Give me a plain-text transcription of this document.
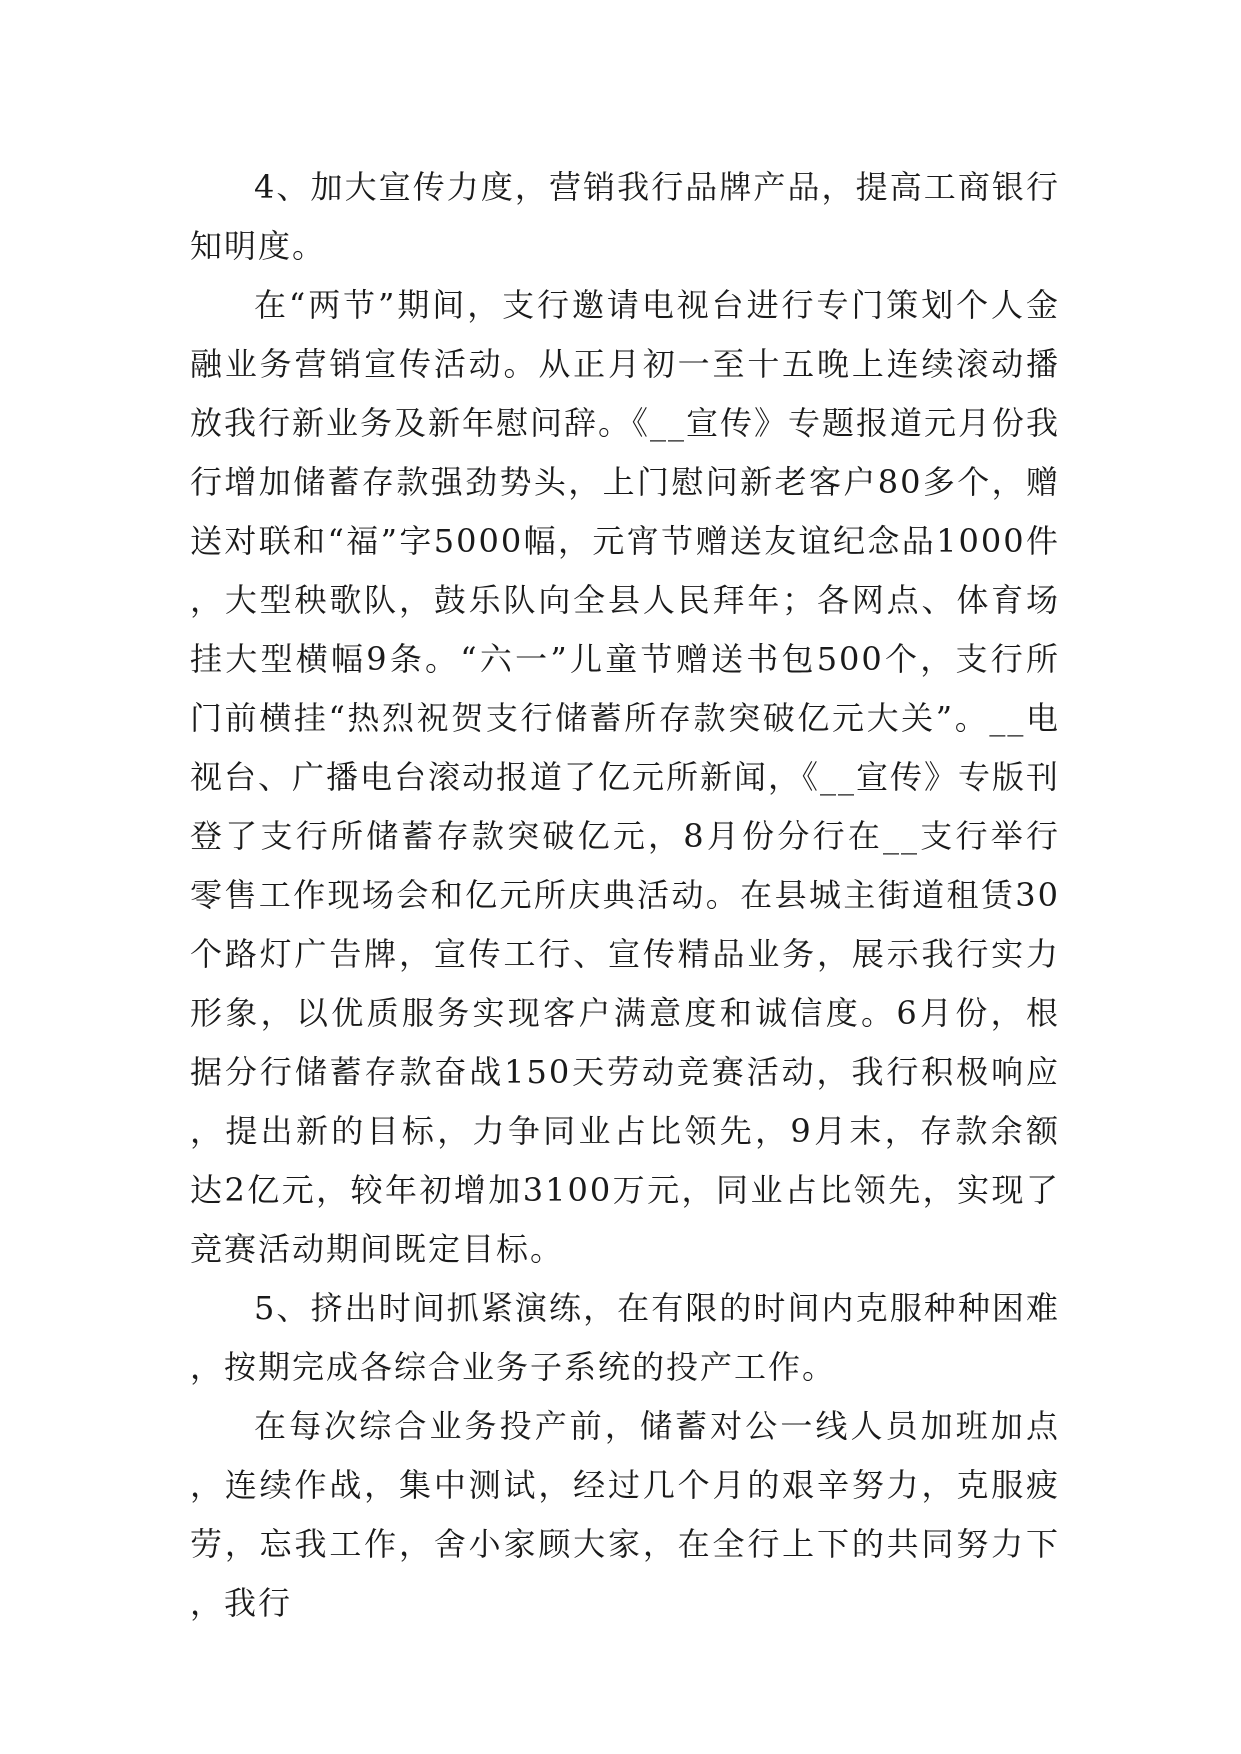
4、加大宣传力度，营销我行品牌产品，提高工商银行知明度。

在“两节”期间，支行邀请电视台进行专门策划个人金融业务营销宣传活动。从正月初一至十五晚上连续滚动播放我行新业务及新年慰问辞。《__宣传》专题报道元月份我行增加储蓄存款强劲势头，上门慰问新老客户80多个，赠送对联和“福”字5000幅，元宵节赠送友谊纪念品1000件，大型秧歌队，鼓乐队向全县人民拜年；各网点、体育场挂大型横幅9条。“六一”儿童节赠送书包500个，支行所门前横挂“热烈祝贺支行储蓄所存款突破亿元大关”。__电视台、广播电台滚动报道了亿元所新闻，《__宣传》专版刊登了支行所储蓄存款突破亿元，8月份分行在__支行举行零售工作现场会和亿元所庆典活动。在县城主街道租赁30个路灯广告牌，宣传工行、宣传精品业务，展示我行实力形象，以优质服务实现客户满意度和诚信度。6月份，根据分行储蓄存款奋战150天劳动竞赛活动，我行积极响应，提出新的目标，力争同业占比领先，9月末，存款余额达2亿元，较年初增加3100万元，同业占比领先，实现了竞赛活动期间既定目标。

5、挤出时间抓紧演练，在有限的时间内克服种种困难，按期完成各综合业务子系统的投产工作。

在每次综合业务投产前，储蓄对公一线人员加班加点，连续作战，集中测试，经过几个月的艰辛努力，克服疲劳，忘我工作，舍小家顾大家，在全行上下的共同努力下，我行
